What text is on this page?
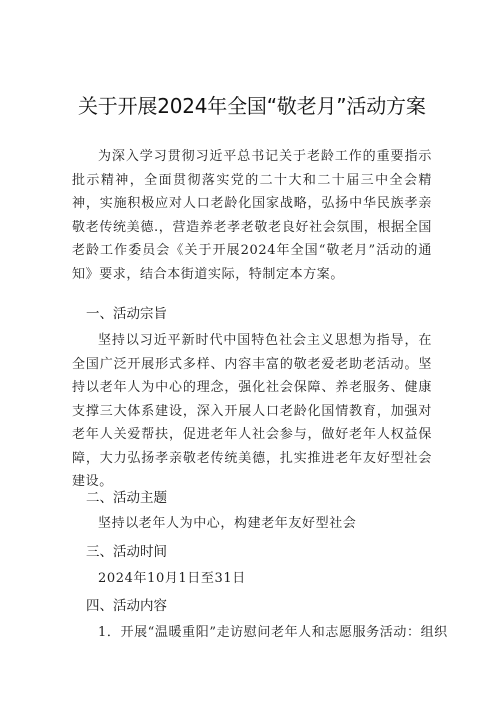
关于开展2024年全国“敬老月”活动方案
为深入学习贯彻习近平总书记关于老龄工作的重要指示批示精神，全面贯彻落实党的二十大和二十届三中全会精神，实施积极应对人口老龄化国家战略，弘扬中华民族孝亲敬老传统美德.，营造养老孝老敬老良好社会氛围，根据全国老龄工作委员会《关于开展2024年全国“敬老月”活动的通知》要求，结合本街道实际，特制定本方案。
一、活动宗旨
坚持以习近平新时代中国特色社会主义思想为指导，在全国广泛开展形式多样、内容丰富的敬老爱老助老活动。坚持以老年人为中心的理念，强化社会保障、养老服务、健康支撑三大体系建设，深入开展人口老龄化国情教育，加强对老年人关爱帮扶，促进老年人社会参与，做好老年人权益保障，大力弘扬孝亲敬老传统美德，扎实推进老年友好型社会建设。
二、活动主题
坚持以老年人为中心，构建老年友好型社会
三、活动时间
2024年10月1日至31日
四、活动内容
1．开展“温暖重阳”走访慰问老年人和志愿服务活动：组织
